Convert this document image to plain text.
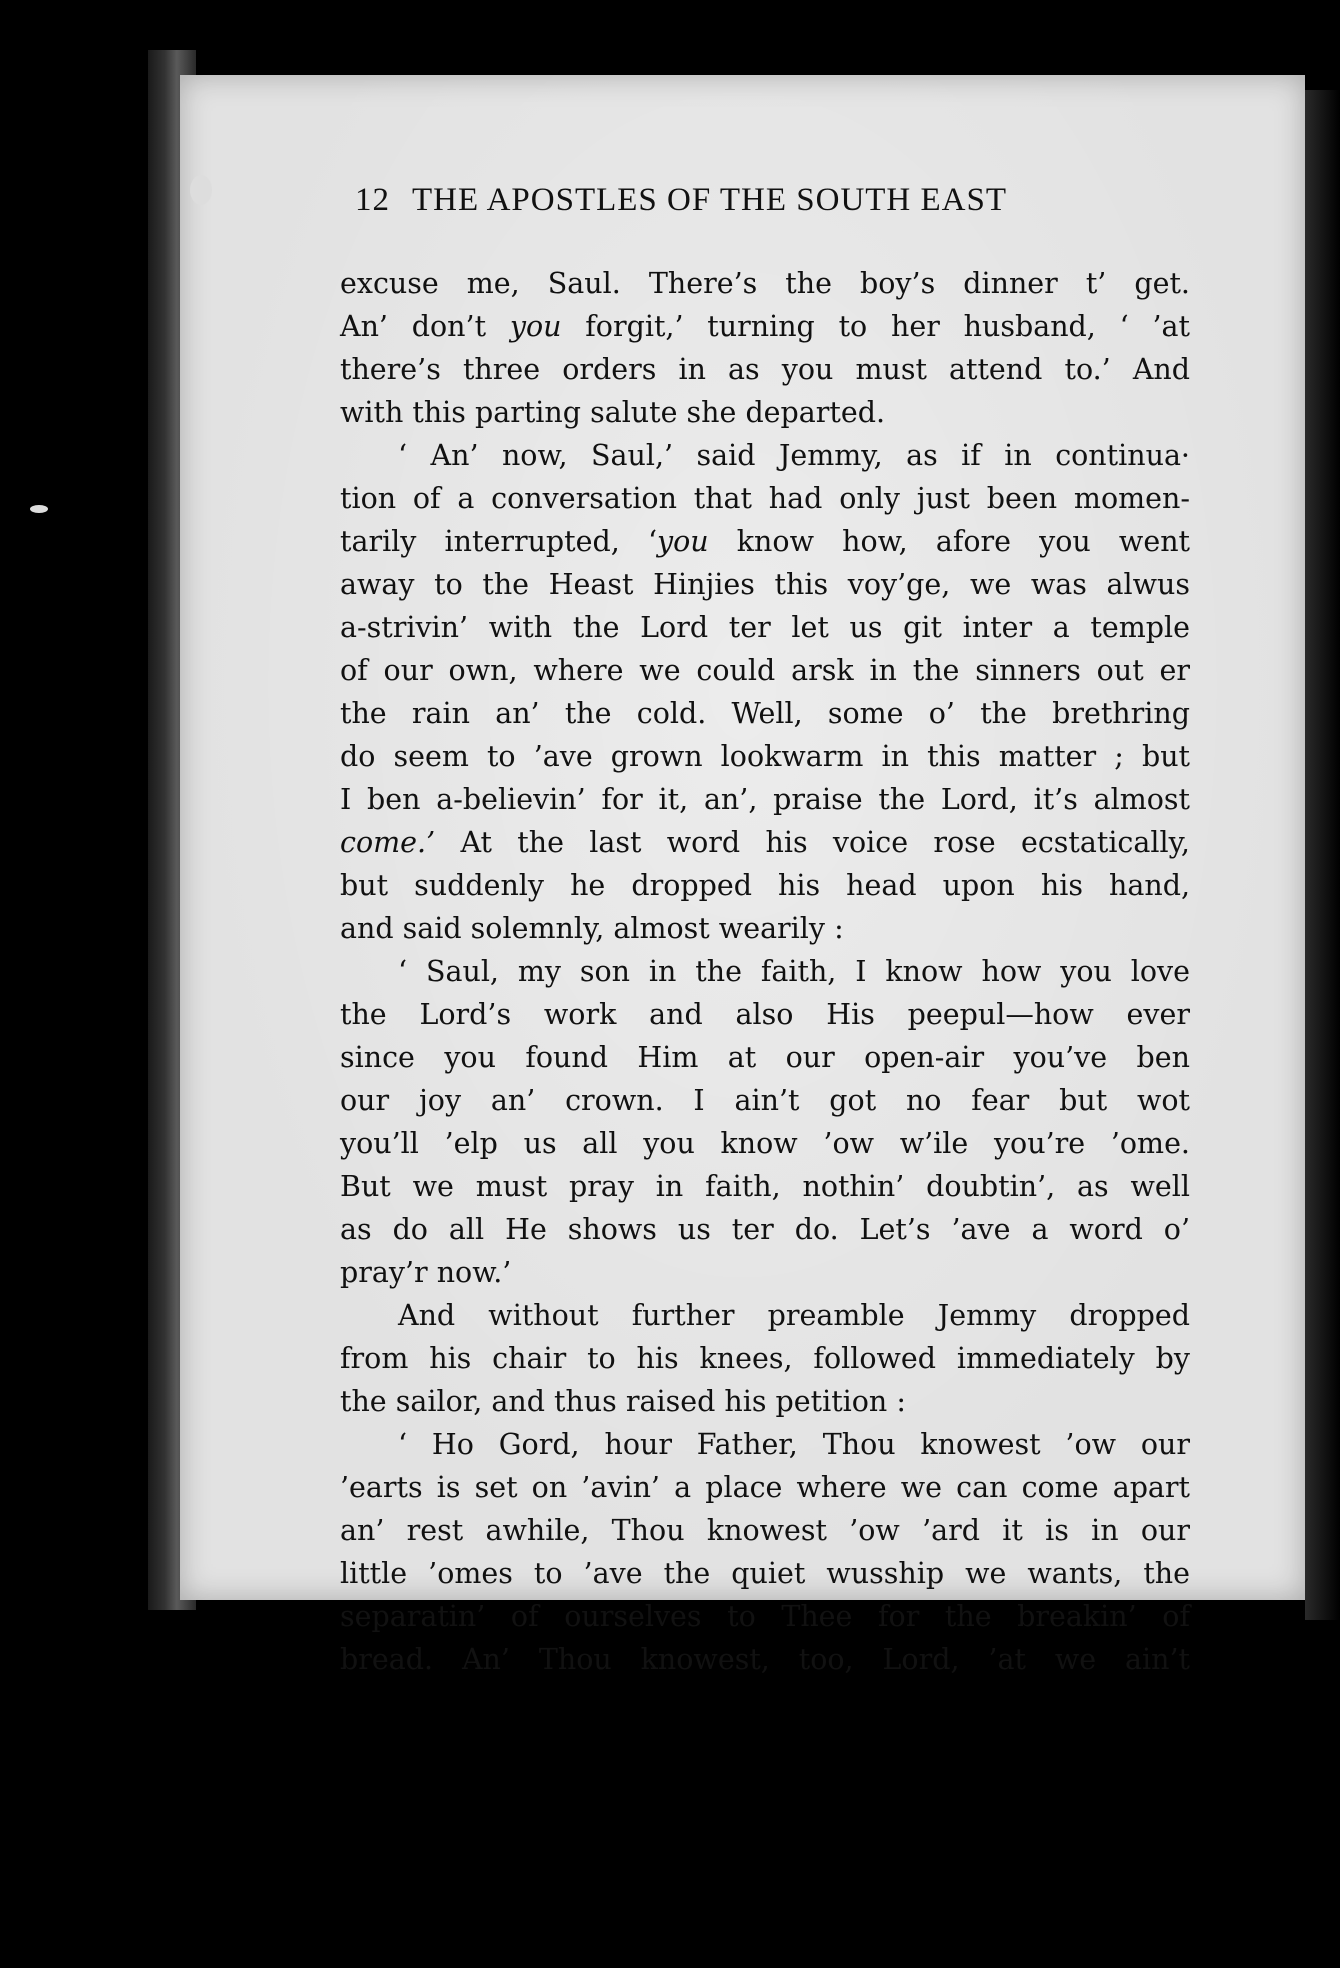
12 THE APOSTLES OF THE SOUTH EAST
excuse me, Saul. There’s the boy’s dinner t’ get.
An’ don’t you forgit,’ turning to her husband, ‘ ’at
there’s three orders in as you must attend to.’ And
with this parting salute she departed.
‘ An’ now, Saul,’ said Jemmy, as if in continua·
tion of a conversation that had only just been momen-
tarily interrupted, ‘you know how, afore you went
away to the Heast Hinjies this voy’ge, we was alwus
a-strivin’ with the Lord ter let us git inter a temple
of our own, where we could arsk in the sinners out er
the rain an’ the cold. Well, some o’ the brethring
do seem to ’ave grown lookwarm in this matter ; but
I ben a-believin’ for it, an’, praise the Lord, it’s almost
come.’ At the last word his voice rose ecstatically,
but suddenly he dropped his head upon his hand,
and said solemnly, almost wearily :
‘ Saul, my son in the faith, I know how you love
the Lord’s work and also His peepul—how ever
since you found Him at our open-air you’ve ben
our joy an’ crown. I ain’t got no fear but wot
you’ll ’elp us all you know ’ow w’ile you’re ’ome.
But we must pray in faith, nothin’ doubtin’, as well
as do all He shows us ter do. Let’s ’ave a word o’
pray’r now.’
And without further preamble Jemmy dropped
from his chair to his knees, followed immediately by
the sailor, and thus raised his petition :
‘ Ho Gord, hour Father, Thou knowest ’ow our
’earts is set on ’avin’ a place where we can come apart
an’ rest awhile, Thou knowest ’ow ’ard it is in our
little ’omes to ’ave the quiet wusship we wants, the
separatin’ of ourselves to Thee for the breakin’ of
bread. An’ Thou knowest, too, Lord, ’at we ain’t
